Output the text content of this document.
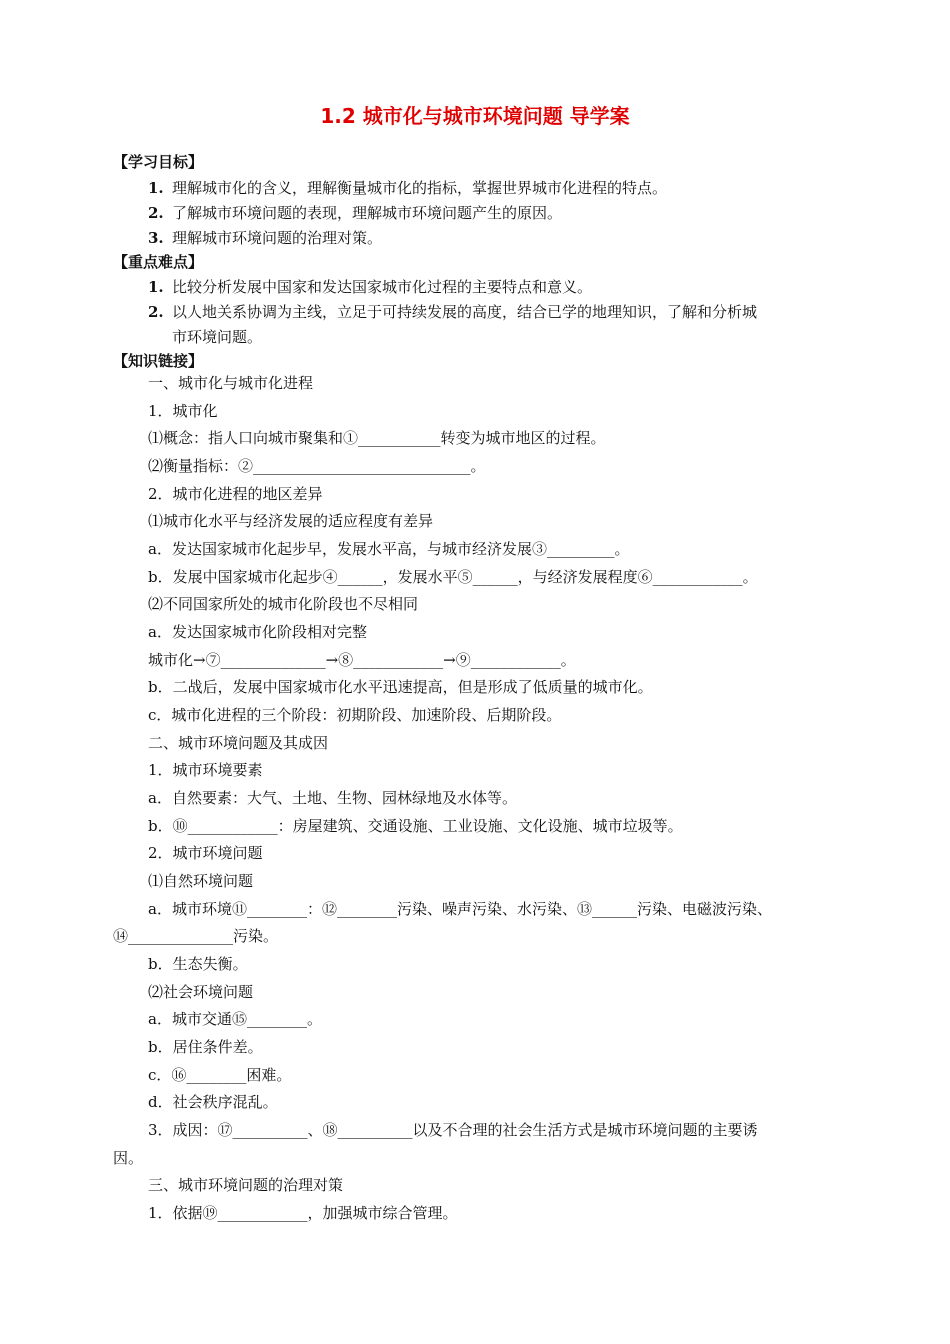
1.2 城市化与城市环境问题 导学案
【学习目标】
1. 理解城市化的含义，理解衡量城市化的指标，掌握世界城市化进程的特点。
2. 了解城市环境问题的表现，理解城市环境问题产生的原因。
3. 理解城市环境问题的治理对策。
【重点难点】
1. 比较分析发展中国家和发达国家城市化过程的主要特点和意义。
2. 以人地关系协调为主线，立足于可持续发展的高度，结合已学的地理知识，了解和分析城
市环境问题。
【知识链接】
一、城市化与城市化进程
1．城市化
⑴概念：指人口向城市聚集和①___________转变为城市地区的过程。
⑵衡量指标：②_____________________________。
2．城市化进程的地区差异
⑴城市化水平与经济发展的适应程度有差异
a．发达国家城市化起步早，发展水平高，与城市经济发展③_________。
b．发展中国家城市化起步④______，发展水平⑤______，与经济发展程度⑥____________。
⑵不同国家所处的城市化阶段也不尽相同
a．发达国家城市化阶段相对完整
城市化→⑦______________→⑧____________→⑨____________。
b．二战后，发展中国家城市化水平迅速提高，但是形成了低质量的城市化。
c．城市化进程的三个阶段：初期阶段、加速阶段、后期阶段。
二、城市环境问题及其成因
1．城市环境要素
a．自然要素：大气、土地、生物、园林绿地及水体等。
b．⑩____________：房屋建筑、交通设施、工业设施、文化设施、城市垃圾等。
2．城市环境问题
⑴自然环境问题
a．城市环境⑪________：⑫________污染、噪声污染、水污染、⑬______污染、电磁波污染、
⑭______________污染。
b．生态失衡。
⑵社会环境问题
a．城市交通⑮________。
b．居住条件差。
c．⑯________困难。
d．社会秩序混乱。
3．成因：⑰__________、⑱__________以及不合理的社会生活方式是城市环境问题的主要诱
因。
三、城市环境问题的治理对策
1．依据⑲____________，加强城市综合管理。
